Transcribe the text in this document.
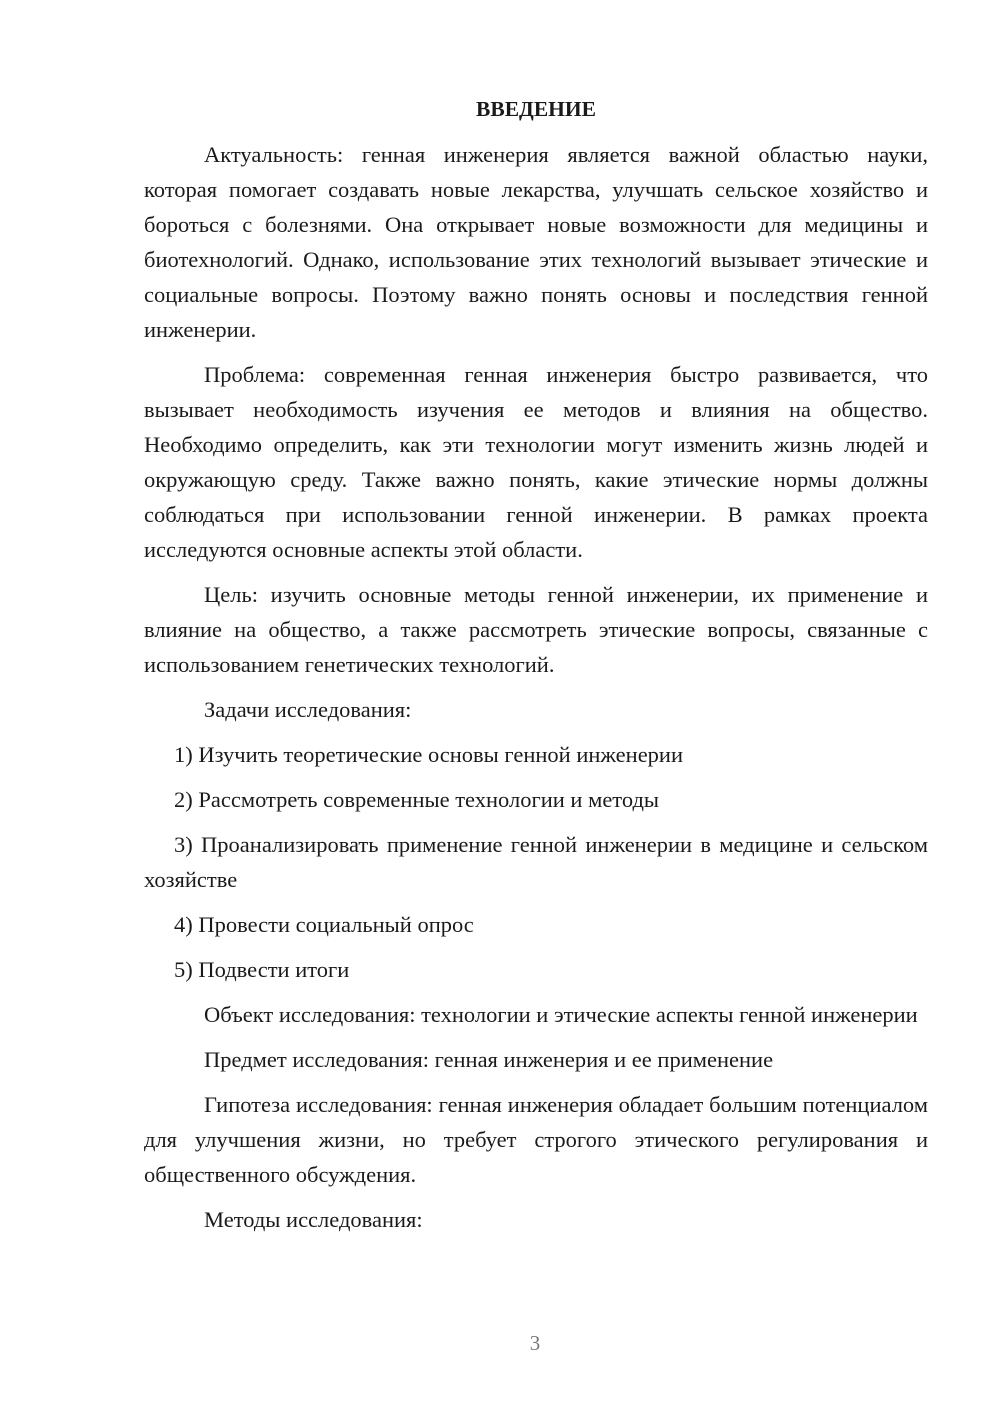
ВВЕДЕНИЕ

Актуальность: генная инженерия является важной областью науки, которая помогает создавать новые лекарства, улучшать сельское хозяйство и бороться с болезнями. Она открывает новые возможности для медицины и биотехнологий. Однако, использование этих технологий вызывает этические и социальные вопросы. Поэтому важно понять основы и последствия генной инженерии.

Проблема: современная генная инженерия быстро развивается, что вызывает необходимость изучения ее методов и влияния на общество. Необходимо определить, как эти технологии могут изменить жизнь людей и окружающую среду. Также важно понять, какие этические нормы должны соблюдаться при использовании генной инженерии. В рамках проекта исследуются основные аспекты этой области.

Цель: изучить основные методы генной инженерии, их применение и влияние на общество, а также рассмотреть этические вопросы, связанные с использованием генетических технологий.

Задачи исследования:

1) Изучить теоретические основы генной инженерии

2) Рассмотреть современные технологии и методы

3) Проанализировать применение генной инженерии в медицине и сельском хозяйстве

4) Провести социальный опрос

5) Подвести итоги

Объект исследования: технологии и этические аспекты генной инженерии

Предмет исследования: генная инженерия и ее применение

Гипотеза исследования: генная инженерия обладает большим потенциалом для улучшения жизни, но требует строгого этического регулирования и общественного обсуждения.

Методы исследования:

3
